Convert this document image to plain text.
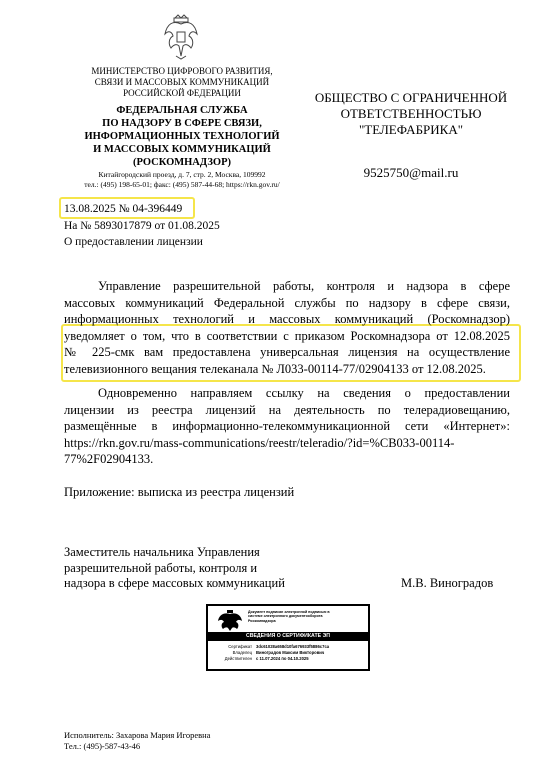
МИНИСТЕРСТВО ЦИФРОВОГО РАЗВИТИЯ,
СВЯЗИ И МАССОВЫХ КОММУНИКАЦИЙ
РОССИЙСКОЙ ФЕДЕРАЦИИ
ФЕДЕРАЛЬНАЯ СЛУЖБА
ПО НАДЗОРУ В СФЕРЕ СВЯЗИ,
ИНФОРМАЦИОННЫХ ТЕХНОЛОГИЙ
И МАССОВЫХ КОММУНИКАЦИЙ
(РОСКОМНАДЗОР)
Китайгородский проезд, д. 7, стр. 2, Москва, 109992
тел.: (495) 198-65-01; факс: (495) 587-44-68; https://rkn.gov.ru/
ОБЩЕСТВО С ОГРАНИЧЕННОЙ
ОТВЕТСТВЕННОСТЬЮ
"ТЕЛЕФАБРИКА"
9525750@mail.ru
13.08.2025 № 04-396449
На № 5893017879 от 01.08.2025
О предоставлении лицензии
Управление разрешительной работы, контроля и надзора в сфере
массовых коммуникаций Федеральной службы по надзору в сфере связи,
информационных технологий и массовых коммуникаций (Роскомнадзор)
уведомляет о том, что в соответствии с приказом Роскомнадзора от 12.08.2025
№ 225-смк вам предоставлена универсальная лицензия на осуществление
телевизионного вещания телеканала № Л033-00114-77/02904133 от 12.08.2025.
Одновременно направляем ссылку на сведения о предоставлении
лицензии из реестра лицензий на деятельность по телерадиовещанию,
размещённые в информационно-телекоммуникационной сети «Интернет»:
https://rkn.gov.ru/mass-communications/reestr/teleradio/?id=%CB033-00114-
77%2F02904133.
Приложение: выписка из реестра лицензий
Заместитель начальника Управления
разрешительной работы, контроля и
надзора в сфере массовых коммуникаций	М.В. Виноградов
Документ подписан электронной подписью в
системе электронного документооборота
Роскомнадзора
СВЕДЕНИЯ О СЕРТИФИКАТЕ ЭП
Сертификат 3dc61028a658d10fa676933f5886c7ca
Владелец Виноградов Максим Викторович
Действителен с 11.07.2024 по 04.10.2025
Исполнитель: Захарова Мария Игоревна
Тел.: (495)-587-43-46
